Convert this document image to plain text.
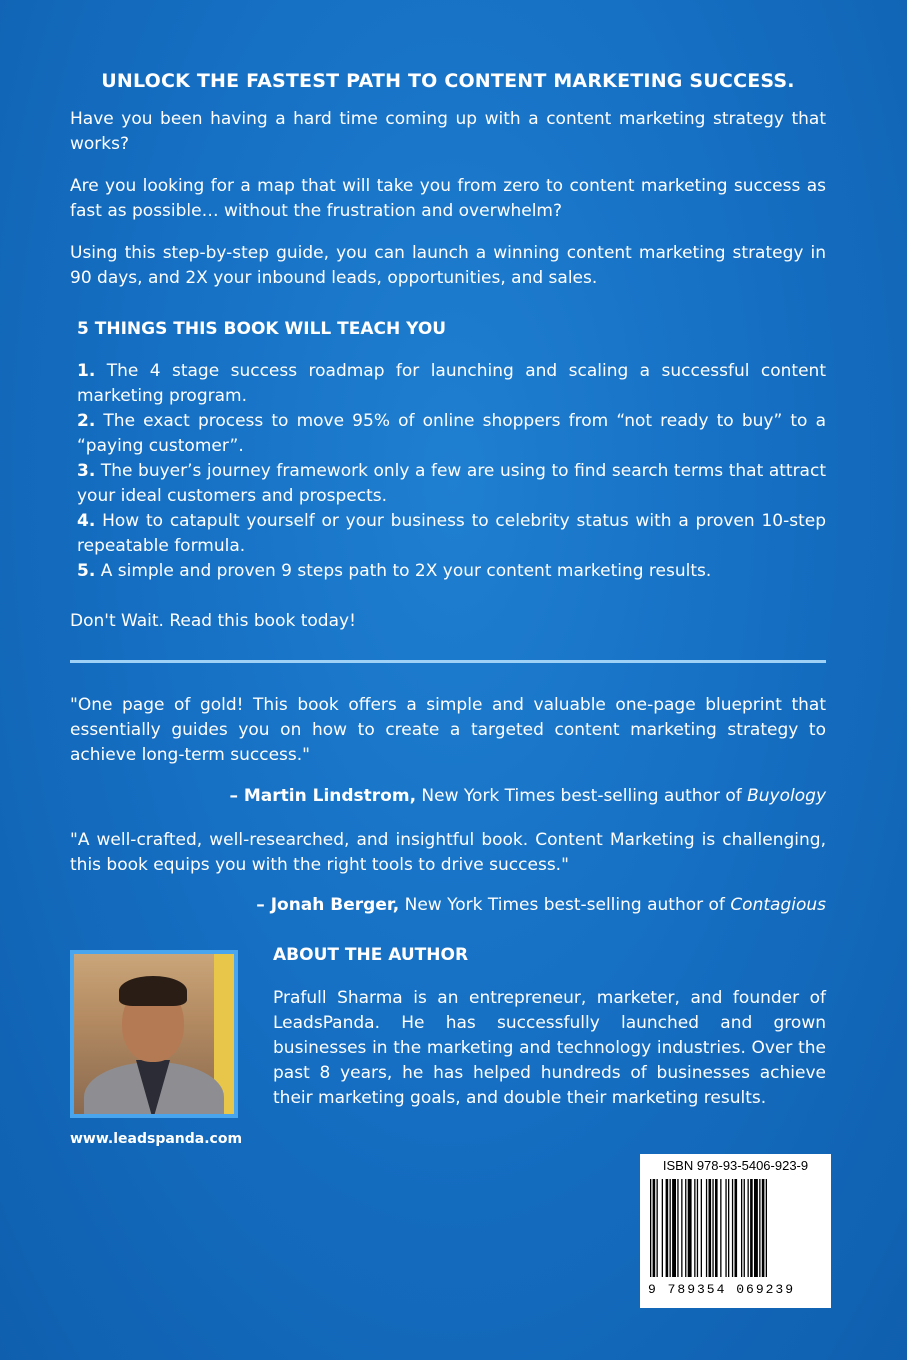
UNLOCK THE FASTEST PATH TO CONTENT MARKETING SUCCESS.
Have you been having a hard time coming up with a content marketing strategy that works?
Are you looking for a map that will take you from zero to content marketing success as fast as possible… without the frustration and overwhelm?
Using this step-by-step guide, you can launch a winning content marketing strategy in 90 days, and 2X your inbound leads, opportunities, and sales.
5 THINGS THIS BOOK WILL TEACH YOU
1. The 4 stage success roadmap for launching and scaling a successful content marketing program.
2. The exact process to move 95% of online shoppers from “not ready to buy” to a “paying customer”.
3. The buyer’s journey framework only a few are using to find search terms that attract your ideal customers and prospects.
4. How to catapult yourself or your business to celebrity status with a proven 10-step repeatable formula.
5. A simple and proven 9 steps path to 2X your content marketing results.
Don't Wait. Read this book today!
"One page of gold! This book offers a simple and valuable one-page blueprint that essentially guides you on how to create a targeted content marketing strategy to achieve long-term success."
– Martin Lindstrom, New York Times best-selling author of Buyology
"A well-crafted, well-researched, and insightful book. Content Marketing is challenging, this book equips you with the right tools to drive success."
– Jonah Berger, New York Times best-selling author of Contagious
www.leadspanda.com
ABOUT THE AUTHOR
Prafull Sharma is an entrepreneur, marketer, and founder of LeadsPanda. He has successfully launched and grown businesses in the marketing and technology industries. Over the past 8 years, he has helped hundreds of businesses achieve their marketing goals, and double their marketing results.
ISBN 978-93-5406-923-9
9 789354 069239
